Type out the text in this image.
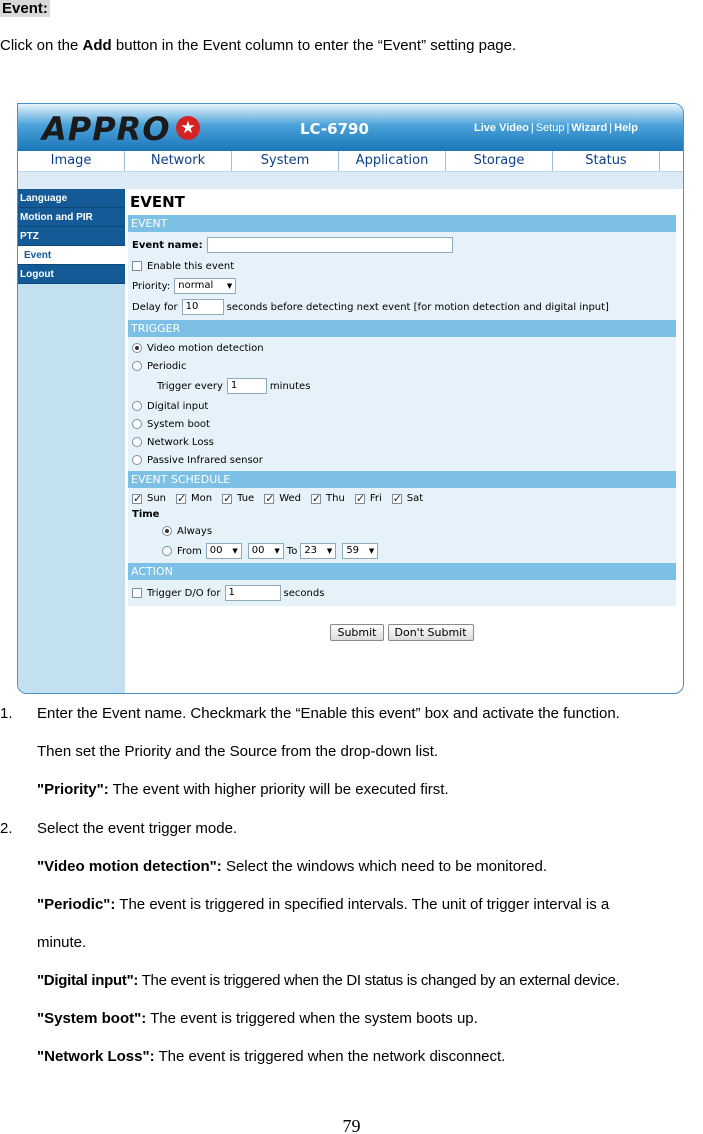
Event:
Click on the Add button in the Event column to enter the “Event” setting page.
APPRO ★	LC-6790	Live Video | Setup | Wizard | Help
Image	Network	System	Application	Storage	Status
Language
Motion and PIR
PTZ
Event
Logout
EVENT
EVENT
Event name:
Enable this event
Priority: normal ▼
Delay for 10	seconds before detecting next event [for motion detection and digital input]
TRIGGER
Video motion detection
Periodic
Trigger every 1	minutes
Digital input
System boot
Network Loss
Passive Infrared sensor
EVENT SCHEDULE
✓
Sun ✓	Mon ✓	Tue ✓	Wed ✓	Thu ✓	Fri ✓	Sat
Time
Always
From 00 ▼ 00 ▼ To 23 ▼ 59 ▼
ACTION
Trigger D/O for 1	seconds
Submit	Don't Submit
1. Enter the Event name. Checkmark the “Enable this event” box and activate the function.
Then set the Priority and the Source from the drop-down list.
"Priority": The event with higher priority will be executed first.
2. Select the event trigger mode.
"Video motion detection": Select the windows which need to be monitored.
"Periodic": The event is triggered in specified intervals. The unit of trigger interval is a
minute.
"Digital input": The event is triggered when the DI status is changed by an external device.
"System boot": The event is triggered when the system boots up.
"Network Loss": The event is triggered when the network disconnect.
79
